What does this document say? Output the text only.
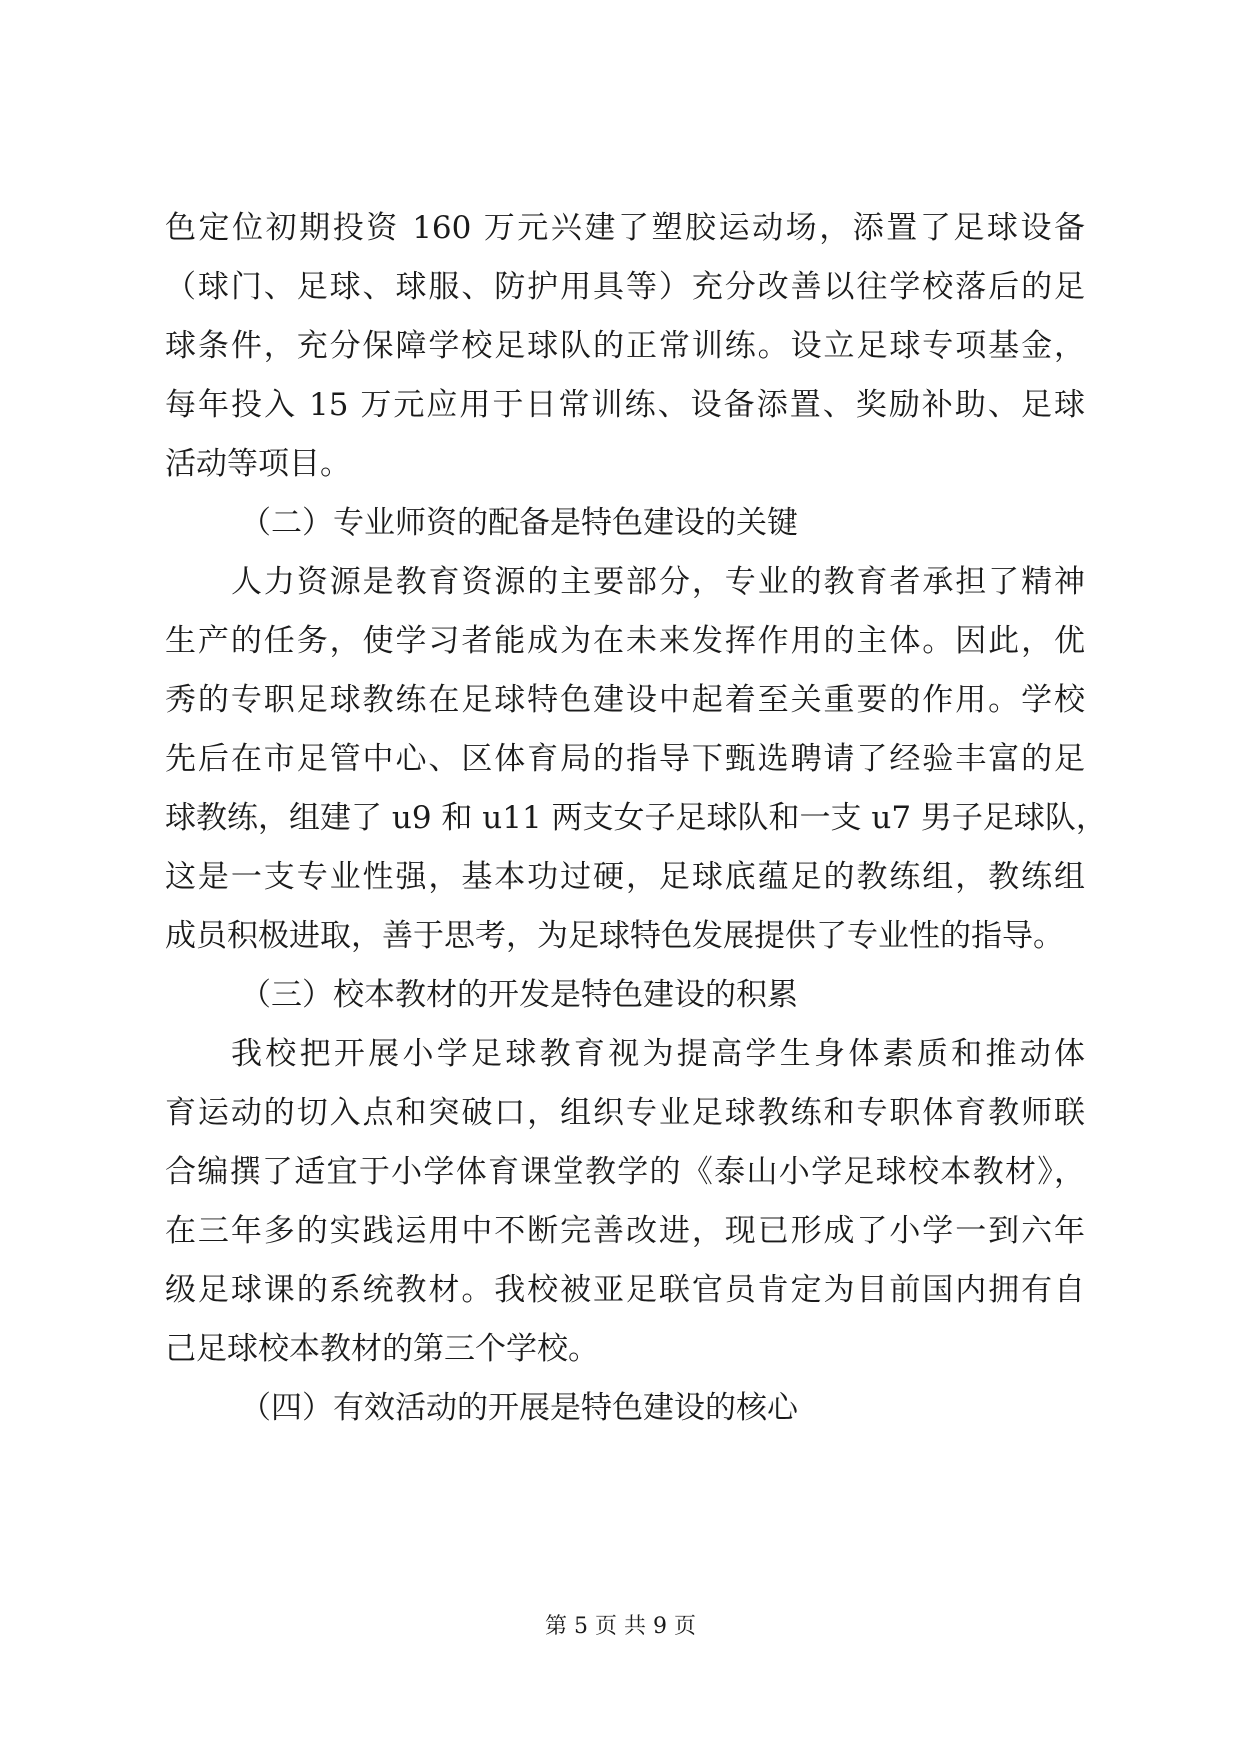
色定位初期投资 160 万元兴建了塑胶运动场，添置了足球设备
（球门、足球、球服、防护用具等）充分改善以往学校落后的足
球条件，充分保障学校足球队的正常训练。设立足球专项基金，
每年投入 15 万元应用于日常训练、设备添置、奖励补助、足球
活动等项目。
（二）专业师资的配备是特色建设的关键
人力资源是教育资源的主要部分，专业的教育者承担了精神
生产的任务，使学习者能成为在未来发挥作用的主体。因此，优
秀的专职足球教练在足球特色建设中起着至关重要的作用。学校
先后在市足管中心、区体育局的指导下甄选聘请了经验丰富的足
球教练，组建了 u9 和 u11 两支女子足球队和一支 u7 男子足球队，
这是一支专业性强，基本功过硬，足球底蕴足的教练组，教练组
成员积极进取，善于思考，为足球特色发展提供了专业性的指导。
（三）校本教材的开发是特色建设的积累
我校把开展小学足球教育视为提高学生身体素质和推动体
育运动的切入点和突破口，组织专业足球教练和专职体育教师联
合编撰了适宜于小学体育课堂教学的《泰山小学足球校本教材》，
在三年多的实践运用中不断完善改进，现已形成了小学一到六年
级足球课的系统教材。我校被亚足联官员肯定为目前国内拥有自
己足球校本教材的第三个学校。
（四）有效活动的开展是特色建设的核心
第 5 页 共 9 页
